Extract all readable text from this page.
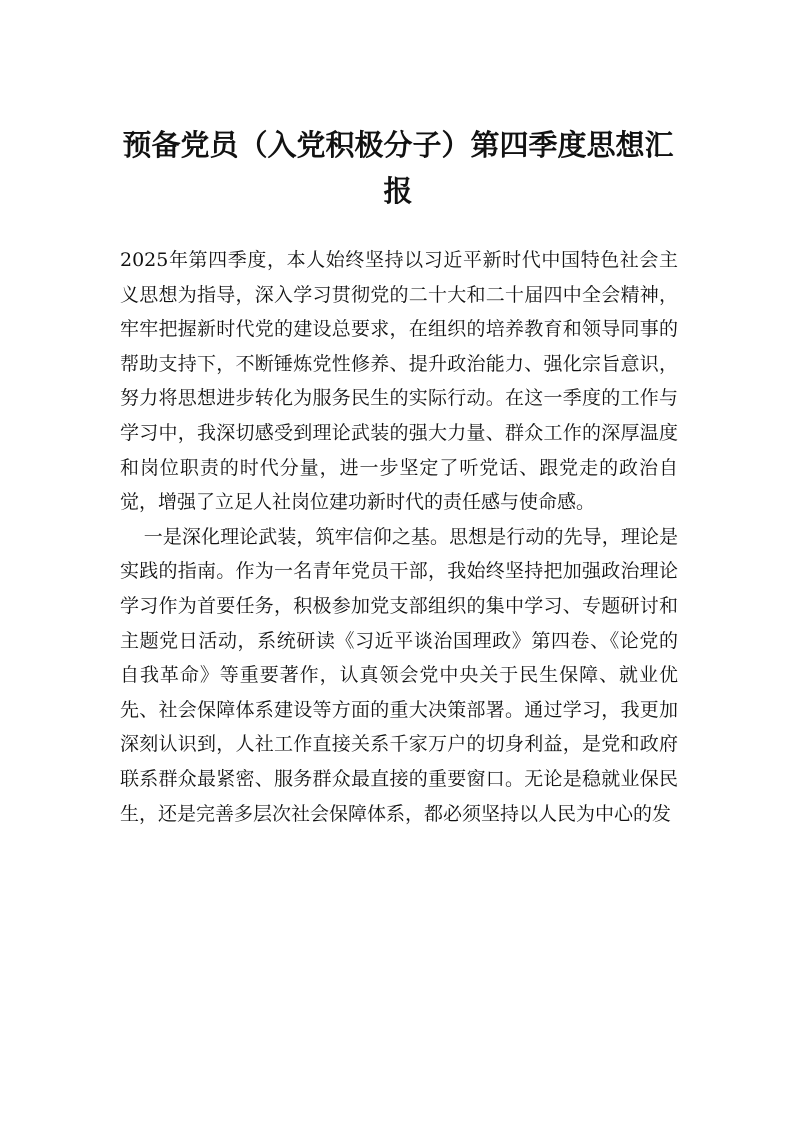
预备党员（入党积极分子）第四季度思想汇报

2025年第四季度，本人始终坚持以习近平新时代中国特色社会主义思想为指导，深入学习贯彻党的二十大和二十届四中全会精神，牢牢把握新时代党的建设总要求，在组织的培养教育和领导同事的帮助支持下，不断锤炼党性修养、提升政治能力、强化宗旨意识，努力将思想进步转化为服务民生的实际行动。在这一季度的工作与学习中，我深切感受到理论武装的强大力量、群众工作的深厚温度和岗位职责的时代分量，进一步坚定了听党话、跟党走的政治自觉，增强了立足人社岗位建功新时代的责任感与使命感。

一是深化理论武装，筑牢信仰之基。思想是行动的先导，理论是实践的指南。作为一名青年党员干部，我始终坚持把加强政治理论学习作为首要任务，积极参加党支部组织的集中学习、专题研讨和主题党日活动，系统研读《习近平谈治国理政》第四卷、《论党的自我革命》等重要著作，认真领会党中央关于民生保障、就业优先、社会保障体系建设等方面的重大决策部署。通过学习，我更加深刻认识到，人社工作直接关系千家万户的切身利益，是党和政府联系群众最紧密、服务群众最直接的重要窗口。无论是稳就业保民生，还是完善多层次社会保障体系，都必须坚持以人民为中心的发
